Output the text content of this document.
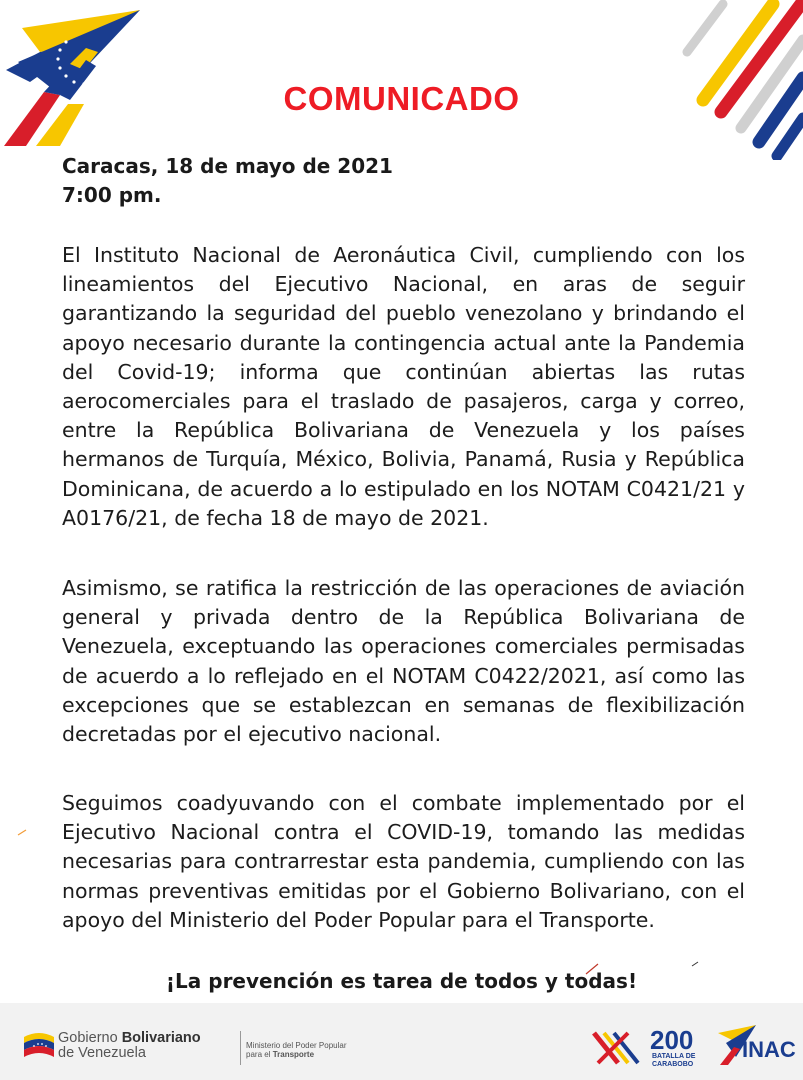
COMUNICADO
Caracas, 18 de mayo de 2021
7:00 pm.

El Instituto Nacional de Aeronáutica Civil, cumpliendo con los lineamientos del Ejecutivo Nacional, en aras de seguir garantizando la seguridad del pueblo venezolano y brindando el apoyo necesario durante la contingencia actual ante la Pandemia del Covid-19; informa que continúan abiertas las rutas aerocomerciales para el traslado de pasajeros, carga y correo, entre la República Bolivariana de Venezuela y los países hermanos de Turquía, México, Bolivia, Panamá, Rusia y República Dominicana, de acuerdo a lo estipulado en los NOTAM C0421/21 y A0176/21, de fecha 18 de mayo de 2021.

Asimismo, se ratifica la restricción de las operaciones de aviación general y privada dentro de la República Bolivariana de Venezuela, exceptuando las operaciones comerciales permisadas de acuerdo a lo reflejado en el NOTAM C0422/2021, así como las excepciones que se establezcan en semanas de flexibilización decretadas por el ejecutivo nacional.

Seguimos coadyuvando con el combate implementado por el Ejecutivo Nacional contra el COVID-19, tomando las medidas necesarias para contrarrestar esta pandemia, cumpliendo con las normas preventivas emitidas por el Gobierno Bolivariano, con el apoyo del Ministerio del Poder Popular para el Transporte.

¡La prevención es tarea de todos y todas!
Gobierno Bolivariano
de Venezuela	Ministerio del Poder Popular
para el Transporte	200
BATALLA DE
CARABOBO
INAC
